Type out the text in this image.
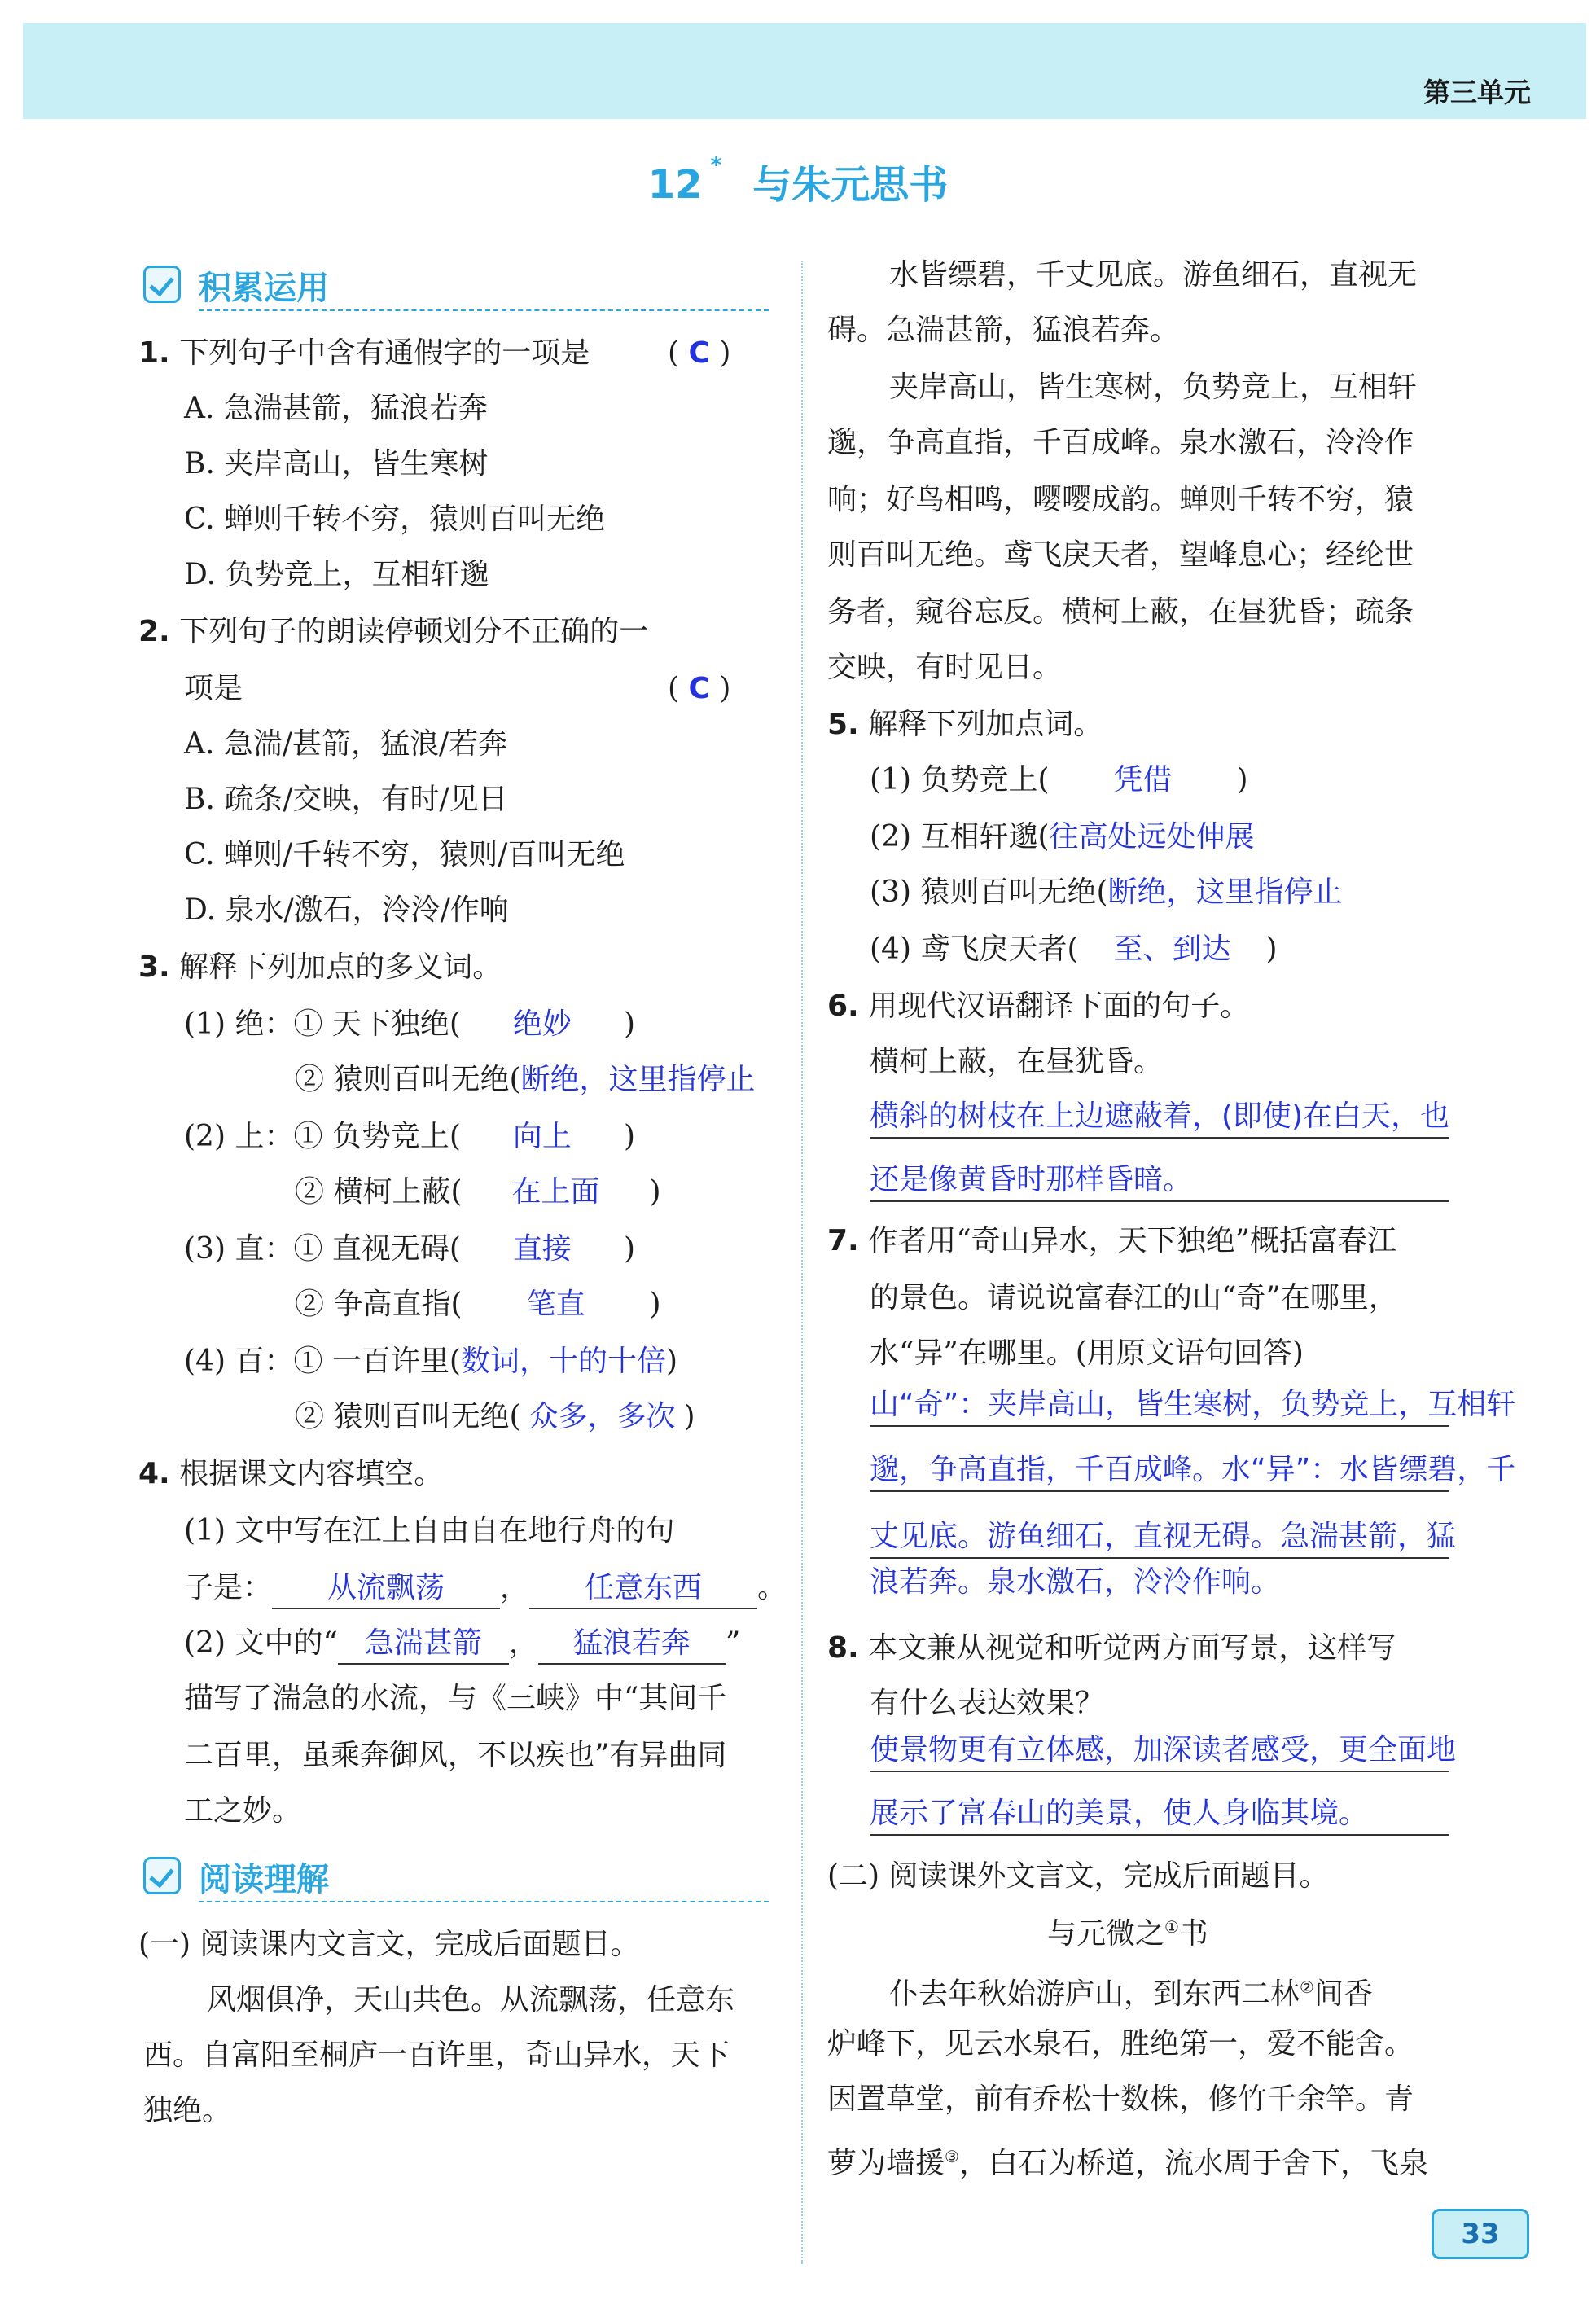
第三单元
12 * 与朱元思书
积累运用
1. 下列句子中含有通假字的一项是	( C )
A. 急湍甚箭，猛浪若奔
B. 夹岸高山，皆生寒树
C. 蝉则千转不穷，猿则百叫无绝
D. 负势竞上，互相轩邈
2. 下列句子的朗读停顿划分不正确的一
项是	( C )
A. 急湍/甚箭，猛浪/若奔
B. 疏条/交映，有时/见日
C. 蝉则/千转不穷，猿则/百叫无绝
D. 泉水/激石，泠泠/作响
3. 解释下列加点的多义词。
(1) 绝：① 天下独绝( 绝妙 )
② 猿则百叫无绝(断绝，这里指停止
(2) 上：① 负势竞上( 向上 )
② 横柯上蔽( 在上面 )
(3) 直：① 直视无碍( 直接 )
② 争高直指( 笔直 )
(4) 百：① 一百许里(数词，十的十倍)
② 猿则百叫无绝( 众多，多次 )
4. 根据课文内容填空。
(1) 文中写在江上自由自在地行舟的句
子是： 从流飘荡 ， 任意东西 。
(2) 文中的“ 急湍甚箭 ， 猛浪若奔 ”
描写了湍急的水流，与《三峡》中“其间千
二百里，虽乘奔御风，不以疾也”有异曲同
工之妙。
阅读理解
(一) 阅读课内文言文，完成后面题目。
风烟俱净，天山共色。从流飘荡，任意东
西。自富阳至桐庐一百许里，奇山异水，天下
独绝。
水皆缥碧，千丈见底。游鱼细石，直视无
碍。急湍甚箭，猛浪若奔。
夹岸高山，皆生寒树，负势竞上，互相轩
邈，争高直指，千百成峰。泉水激石，泠泠作
响；好鸟相鸣，嘤嘤成韵。蝉则千转不穷，猿
则百叫无绝。鸢飞戾天者，望峰息心；经纶世
务者，窥谷忘反。横柯上蔽，在昼犹昏；疏条
交映，有时见日。
5. 解释下列加点词。
(1) 负势竞上( 凭借 )
(2) 互相轩邈(往高处远处伸展
(3) 猿则百叫无绝(断绝，这里指停止
(4) 鸢飞戾天者( 至、到达 )
6. 用现代汉语翻译下面的句子。
横柯上蔽，在昼犹昏。
横斜的树枝在上边遮蔽着，(即使)在白天，也
还是像黄昏时那样昏暗。
7. 作者用“奇山异水，天下独绝”概括富春江
的景色。请说说富春江的山“奇”在哪里，
水“异”在哪里。(用原文语句回答)
山“奇”：夹岸高山，皆生寒树，负势竞上，互相轩
邈，争高直指，千百成峰。水“异”：水皆缥碧，千
丈见底。游鱼细石，直视无碍。急湍甚箭，猛
浪若奔。泉水激石，泠泠作响。
8. 本文兼从视觉和听觉两方面写景，这样写
有什么表达效果？
使景物更有立体感，加深读者感受，更全面地
展示了富春山的美景，使人身临其境。
(二) 阅读课外文言文，完成后面题目。
与元微之①书
仆去年秋始游庐山，到东西二林②间香
炉峰下，见云水泉石，胜绝第一，爱不能舍。
因置草堂，前有乔松十数株，修竹千余竿。青
萝为墙援③，白石为桥道，流水周于舍下，飞泉
33
